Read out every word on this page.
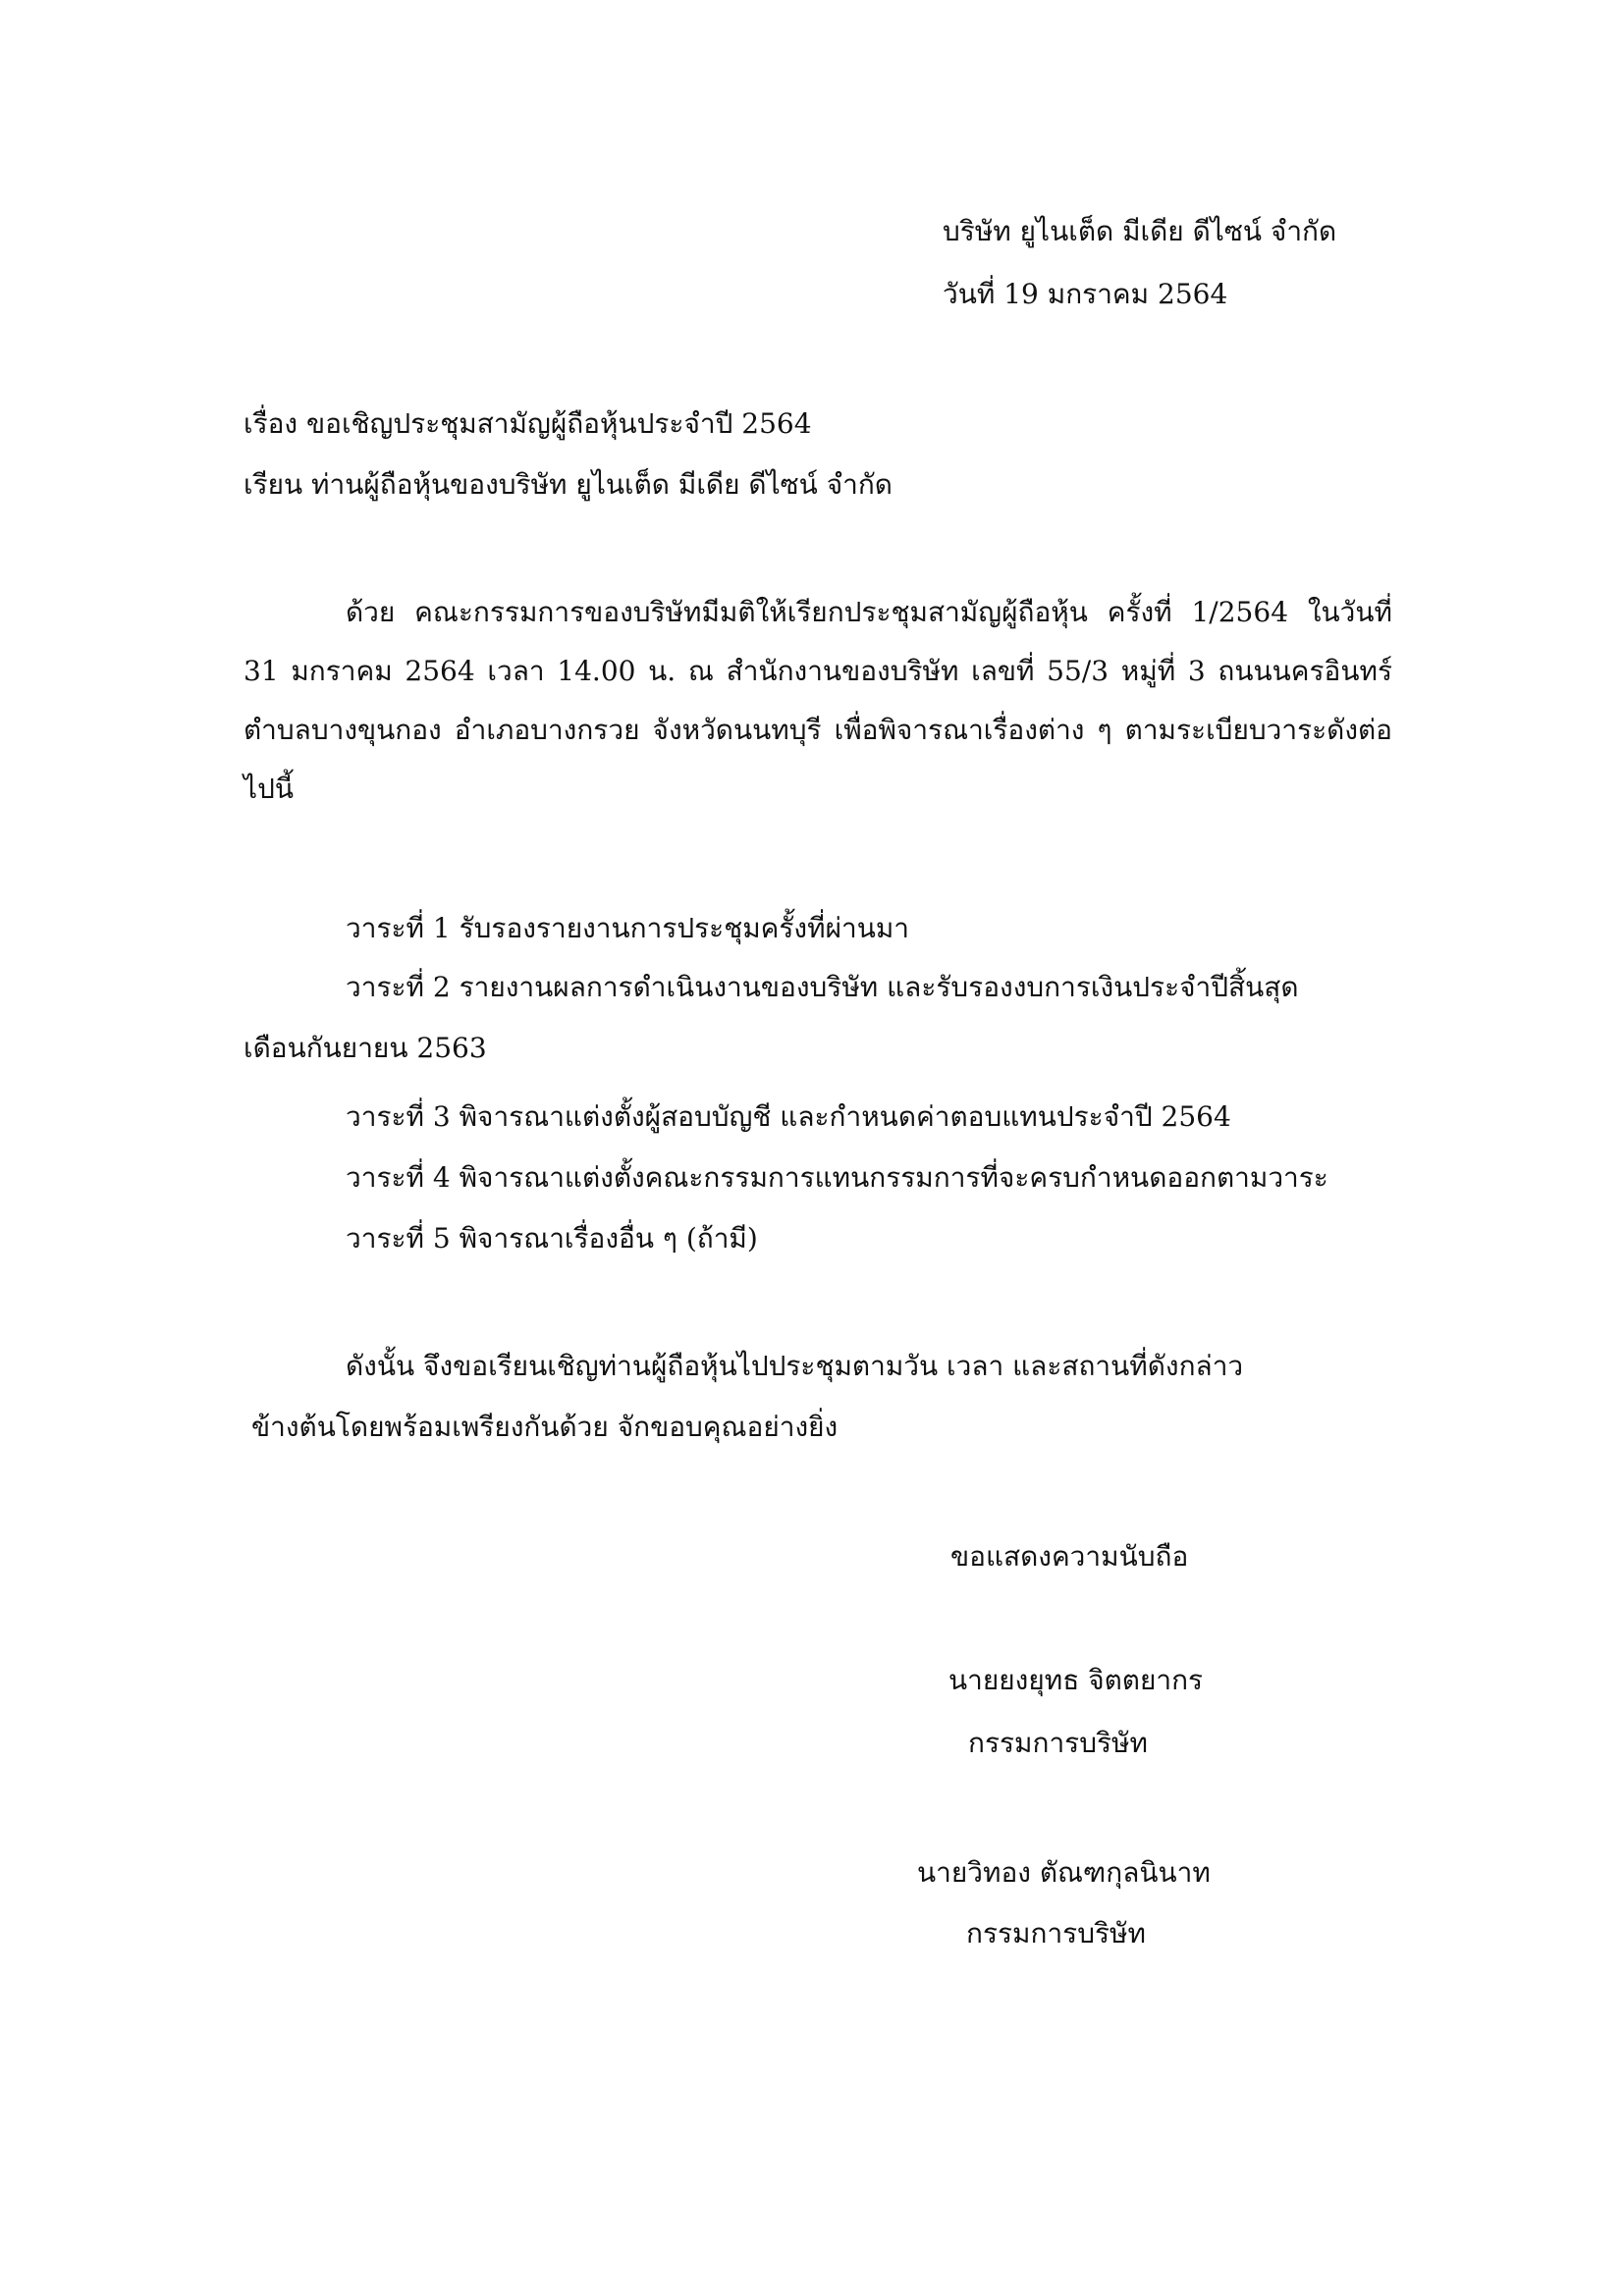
บริษัท ยูไนเต็ด มีเดีย ดีไซน์ จำกัด
วันที่ 19 มกราคม 2564
เรื่อง ขอเชิญประชุมสามัญผู้ถือหุ้นประจำปี 2564
เรียน ท่านผู้ถือหุ้นของบริษัท ยูไนเต็ด มีเดีย ดีไซน์ จำกัด

ด้วย คณะกรรมการของบริษัทมีมติให้เรียกประชุมสามัญผู้ถือหุ้น ครั้งที่ 1/2564 ในวันที่ 31 มกราคม 2564 เวลา 14.00 น. ณ สำนักงานของบริษัท เลขที่ 55/3 หมู่ที่ 3 ถนนนครอินทร์ ตำบลบางขุนกอง อำเภอบางกรวย จังหวัดนนทบุรี เพื่อพิจารณาเรื่องต่าง ๆ ตามระเบียบวาระดังต่อไปนี้

วาระที่ 1 รับรองรายงานการประชุมครั้งที่ผ่านมา
วาระที่ 2 รายงานผลการดำเนินงานของบริษัท และรับรองงบการเงินประจำปีสิ้นสุด
เดือนกันยายน 2563
วาระที่ 3 พิจารณาแต่งตั้งผู้สอบบัญชี และกำหนดค่าตอบแทนประจำปี 2564
วาระที่ 4 พิจารณาแต่งตั้งคณะกรรมการแทนกรรมการที่จะครบกำหนดออกตามวาระ
วาระที่ 5 พิจารณาเรื่องอื่น ๆ (ถ้ามี)
ดังนั้น จึงขอเรียนเชิญท่านผู้ถือหุ้นไปประชุมตามวัน เวลา และสถานที่ดังกล่าว
ข้างต้นโดยพร้อมเพรียงกันด้วย จักขอบคุณอย่างยิ่ง
ขอแสดงความนับถือ
นายยงยุทธ จิตตยากร
กรรมการบริษัท
นายวิทอง ตัณฑกุลนินาท
กรรมการบริษัท
